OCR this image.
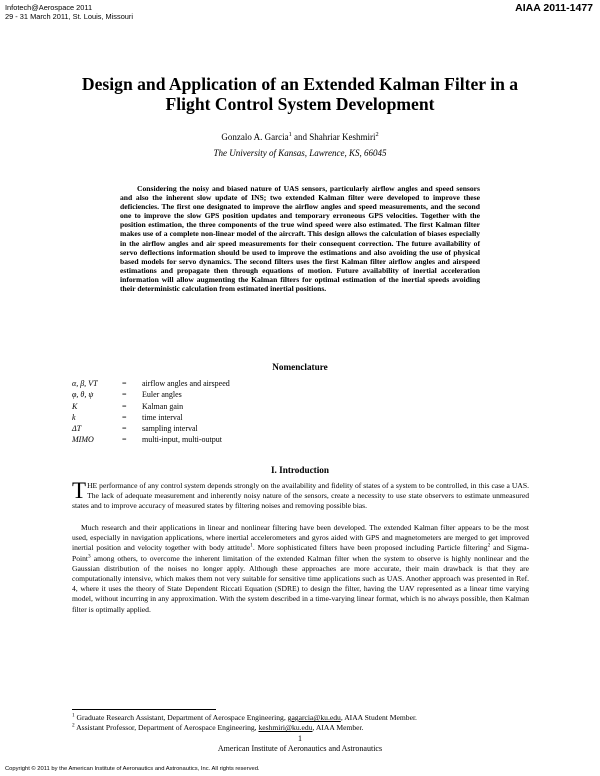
Infotech@Aerospace 2011
29 - 31 March 2011, St. Louis, Missouri
AIAA 2011-1477
Design and Application of an Extended Kalman Filter in a
Flight Control System Development
Gonzalo A. Garcia$^1$ and Shahriar Keshmiri$^2$
The University of Kansas, Lawrence, KS, 66045
Considering the noisy and biased nature of UAS sensors, particularly airflow angles and speed sensors and also the inherent slow update of INS; two extended Kalman filter were developed to improve these deficiencies. The first one designated to improve the airflow angles and speed measurements, and the second one to improve the slow GPS position updates and temporary erroneous GPS velocities. Together with the position estimation, the three components of the true wind speed were also estimated. The first Kalman filter makes use of a complete non-linear model of the aircraft. This design allows the calculation of biases especially in the airflow angles and air speed measurements for their consequent correction. The future availability of servo deflections information should be used to improve the estimations and also avoiding the use of physical based models for servo dynamics. The second filters uses the first Kalman filter airflow angles and airspeed estimations and propagate then through equations of motion. Future availability of inertial acceleration information will allow augmenting the Kalman filters for optimal estimation of the inertial speeds avoiding their deterministic calculation from estimated inertial positions.
Nomenclature
α, β, VT	=	airflow angles and airspeed
φ, θ, ψ	=	Euler angles
K	=	Kalman gain
k	=	time interval
ΔT	=	sampling interval
MIMO	=	multi-input, multi-output
I. Introduction
THE performance of any control system depends strongly on the availability and fidelity of states of a system to be controlled, in this case a UAS. The lack of adequate measurement and inherently noisy nature of the sensors, create a necessity to use state observers to estimate unmeasured states and to improve accuracy of measured states by filtering noises and removing possible bias.
Much research and their applications in linear and nonlinear filtering have been developed. The extended Kalman filter appears to be the most used, especially in navigation applications, where inertial accelerometers and gyros aided with GPS and magnetometers are merged to get improved inertial position and velocity together with body attitude$^1$. More sophisticated filters have been proposed including Particle filtering$^2$ and Sigma-Point$^3$ among others, to overcome the inherent limitation of the extended Kalman filter when the system to observe is highly nonlinear and the Gaussian distribution of the noises no longer apply. Although these approaches are more accurate, their main drawback is that they are computationally intensive, which makes them not very suitable for sensitive time applications such as UAS. Another approach was presented in Ref. 4, where it uses the theory of State Dependent Riccati Equation (SDRE) to design the filter, having the UAV represented as a linear time varying model, without incurring in any approximation. With the system described in a time-varying linear format, which is no always possible, then Kalman filter is optimally applied.
$^1$ Graduate Research Assistant, Department of Aerospace Engineering, gagarcia@ku.edu, AIAA Student Member.
$^2$ Assistant Professor, Department of Aerospace Engineering, keshmiri@ku.edu, AIAA Member.
1
American Institute of Aeronautics and Astronautics
Copyright © 2011 by the American Institute of Aeronautics and Astronautics, Inc. All rights reserved.
